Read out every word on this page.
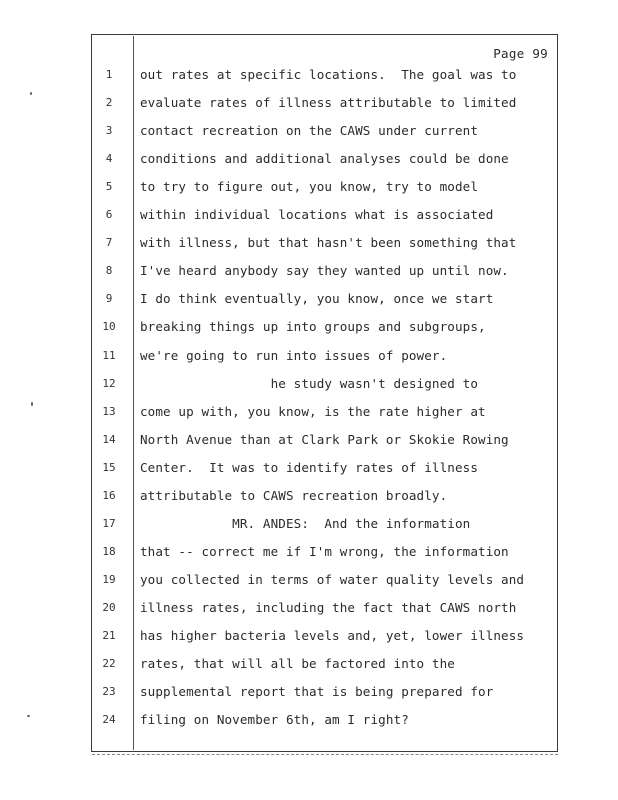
Page 99
1	out rates at specific locations.  The goal was to
2	evaluate rates of illness attributable to limited
3	contact recreation on the CAWS under current
4	conditions and additional analyses could be done
5	to try to figure out, you know, try to model
6	within individual locations what is associated
7	with illness, but that hasn't been something that
8	I've heard anybody say they wanted up until now.
9	I do think eventually, you know, once we start
10	breaking things up into groups and subgroups,
11	we're going to run into issues of power.
12	he study wasn't designed to
13	come up with, you know, is the rate higher at
14	North Avenue than at Clark Park or Skokie Rowing
15	Center.  It was to identify rates of illness
16	attributable to CAWS recreation broadly.
17	MR. ANDES:  And the information
18	that -- correct me if I'm wrong, the information
19	you collected in terms of water quality levels and
20	illness rates, including the fact that CAWS north
21	has higher bacteria levels and, yet, lower illness
22	rates, that will all be factored into the
23	supplemental report that is being prepared for
24	filing on November 6th, am I right?
